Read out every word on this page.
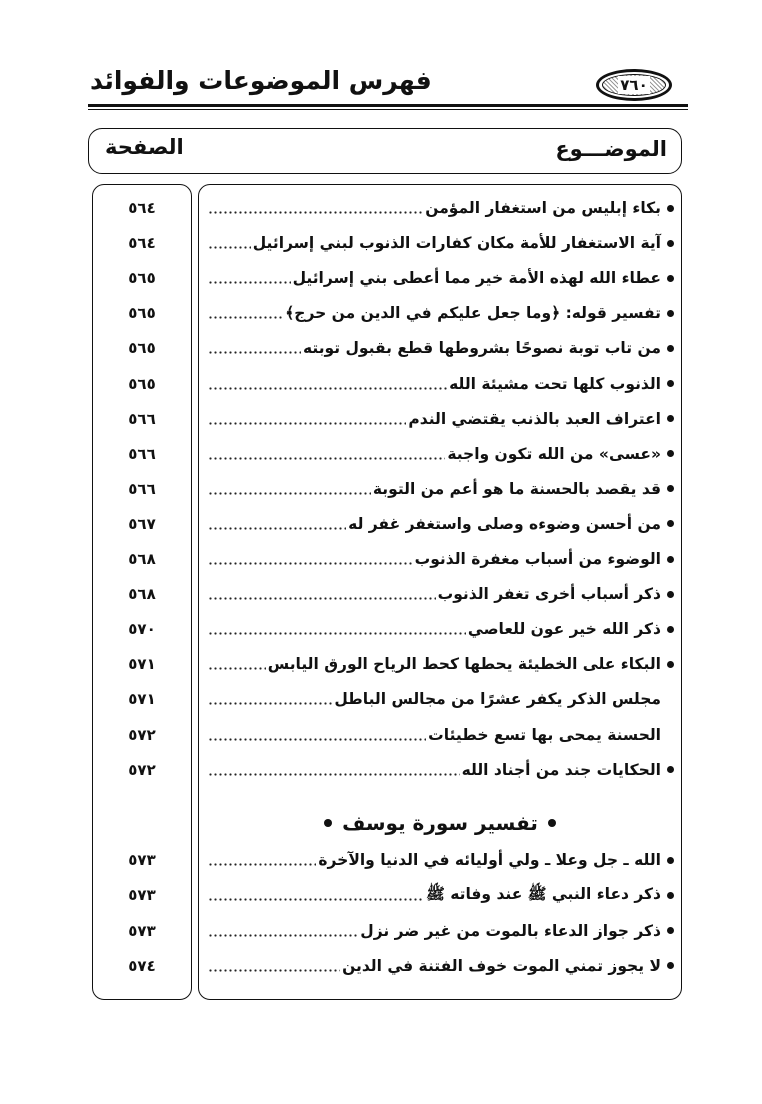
فهرس الموضوعات والفوائد	٧٦٠
الموضـــوع
الصفحة
بكاء إبليس من استغفار المؤمن
٥٦٤
آية الاستغفار للأمة مكان كفارات الذنوب لبني إسرائيل
٥٦٤
عطاء الله لهذه الأمة خير مما أعطى بني إسرائيل
٥٦٥
تفسير قوله: ﴿وما جعل عليكم في الدين من حرج﴾
٥٦٥
من تاب توبة نصوحًا بشروطها قطع بقبول توبته
٥٦٥
الذنوب كلها تحت مشيئة الله
٥٦٥
اعتراف العبد بالذنب يقتضي الندم
٥٦٦
«عسى» من الله تكون واجبة
٥٦٦
قد يقصد بالحسنة ما هو أعم من التوبة
٥٦٦
من أحسن وضوءه وصلى واستغفر غفر له
٥٦٧
الوضوء من أسباب مغفرة الذنوب
٥٦٨
ذكر أسباب أخرى تغفر الذنوب
٥٦٨
ذكر الله خير عون للعاصي
٥٧٠
البكاء على الخطيئة يحطها كحط الرياح الورق اليابس
٥٧١
مجلس الذكر يكفر عشرًا من مجالس الباطل
٥٧١
الحسنة يمحى بها تسع خطيئات
٥٧٢
الحكايات جند من أجناد الله
٥٧٢
تفسير سورة يوسف
الله ـ جل وعلا ـ ولي أوليائه في الدنيا والآخرة
٥٧٣
ذكر دعاء النبي ﷺ عند وفاته ﷺ
٥٧٣
ذكر جواز الدعاء بالموت من غير ضر نزل
٥٧٣
لا يجوز تمني الموت خوف الفتنة في الدين
٥٧٤
